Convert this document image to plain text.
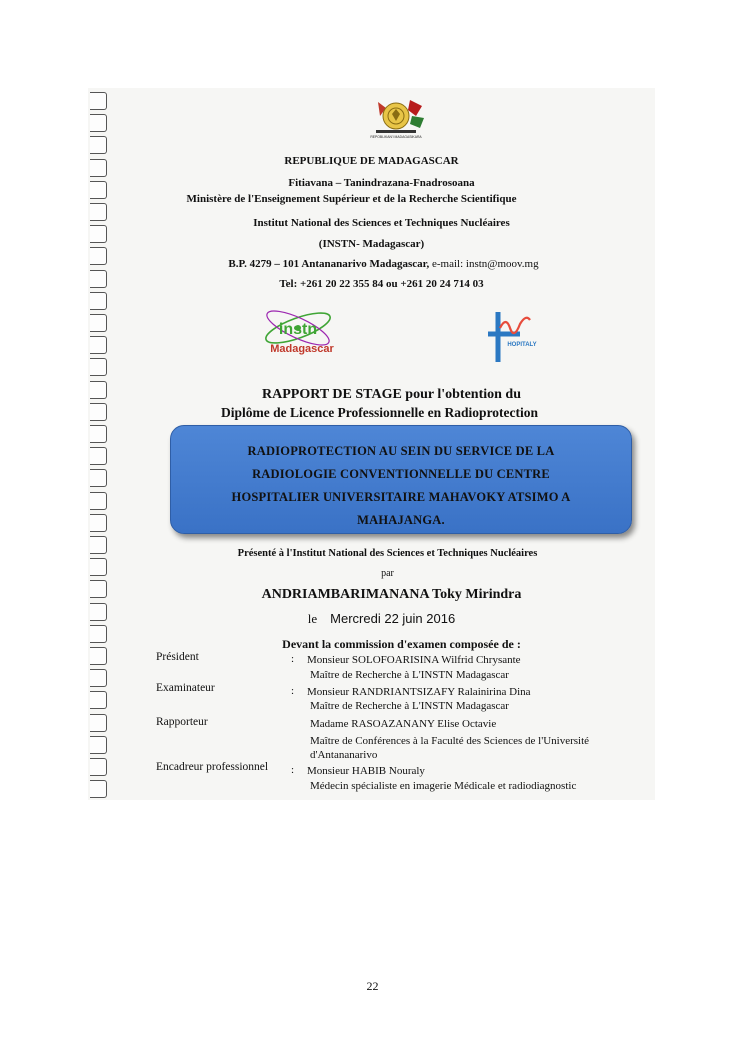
REPOBLIKAN'I MADAGASIKARA
REPUBLIQUE DE MADAGASCAR
Fitiavana – Tanindrazana-Fnadrosoana
Ministère de l'Enseignement Supérieur et de la Recherche Scientifique
Institut National des Sciences et Techniques Nucléaires
(INSTN- Madagascar)
B.P. 4279 – 101 Antananarivo Madagascar, e-mail: instn@moov.mg
Tel: +261 20 22 355 84 ou +261 20 24 714 03
instn
Madagascar	HOPITALY
RAPPORT DE STAGE pour l'obtention du
Diplôme de Licence Professionnelle en Radioprotection
RADIOPROTECTION AU SEIN DU SERVICE DE LA
RADIOLOGIE CONVENTIONNELLE DU CENTRE
HOSPITALIER UNIVERSITAIRE MAHAVOKY ATSIMO A
MAHAJANGA.
Présenté à l'Institut National des Sciences et Techniques Nucléaires
par
ANDRIAMBARIMANANA Toky Mirindra
le Mercredi 22 juin 2016
Devant la commission d'examen composée de :
Président	: Monsieur SOLOFOARISINA Wilfrid Chrysante
Maître de Recherche à L'INSTN Madagascar
Examinateur	: Monsieur RANDRIANTSIZAFY Ralainirina Dina
Maître de Recherche à L'INSTN Madagascar
Rapporteur	Madame RASOAZANANY Elise Octavie
Maître de Conférences à la Faculté des Sciences de l'Université
d'Antananarivo
Encadreur professionnel : Monsieur HABIB Nouraly
Médecin spécialiste en imagerie Médicale et radiodiagnostic
22
